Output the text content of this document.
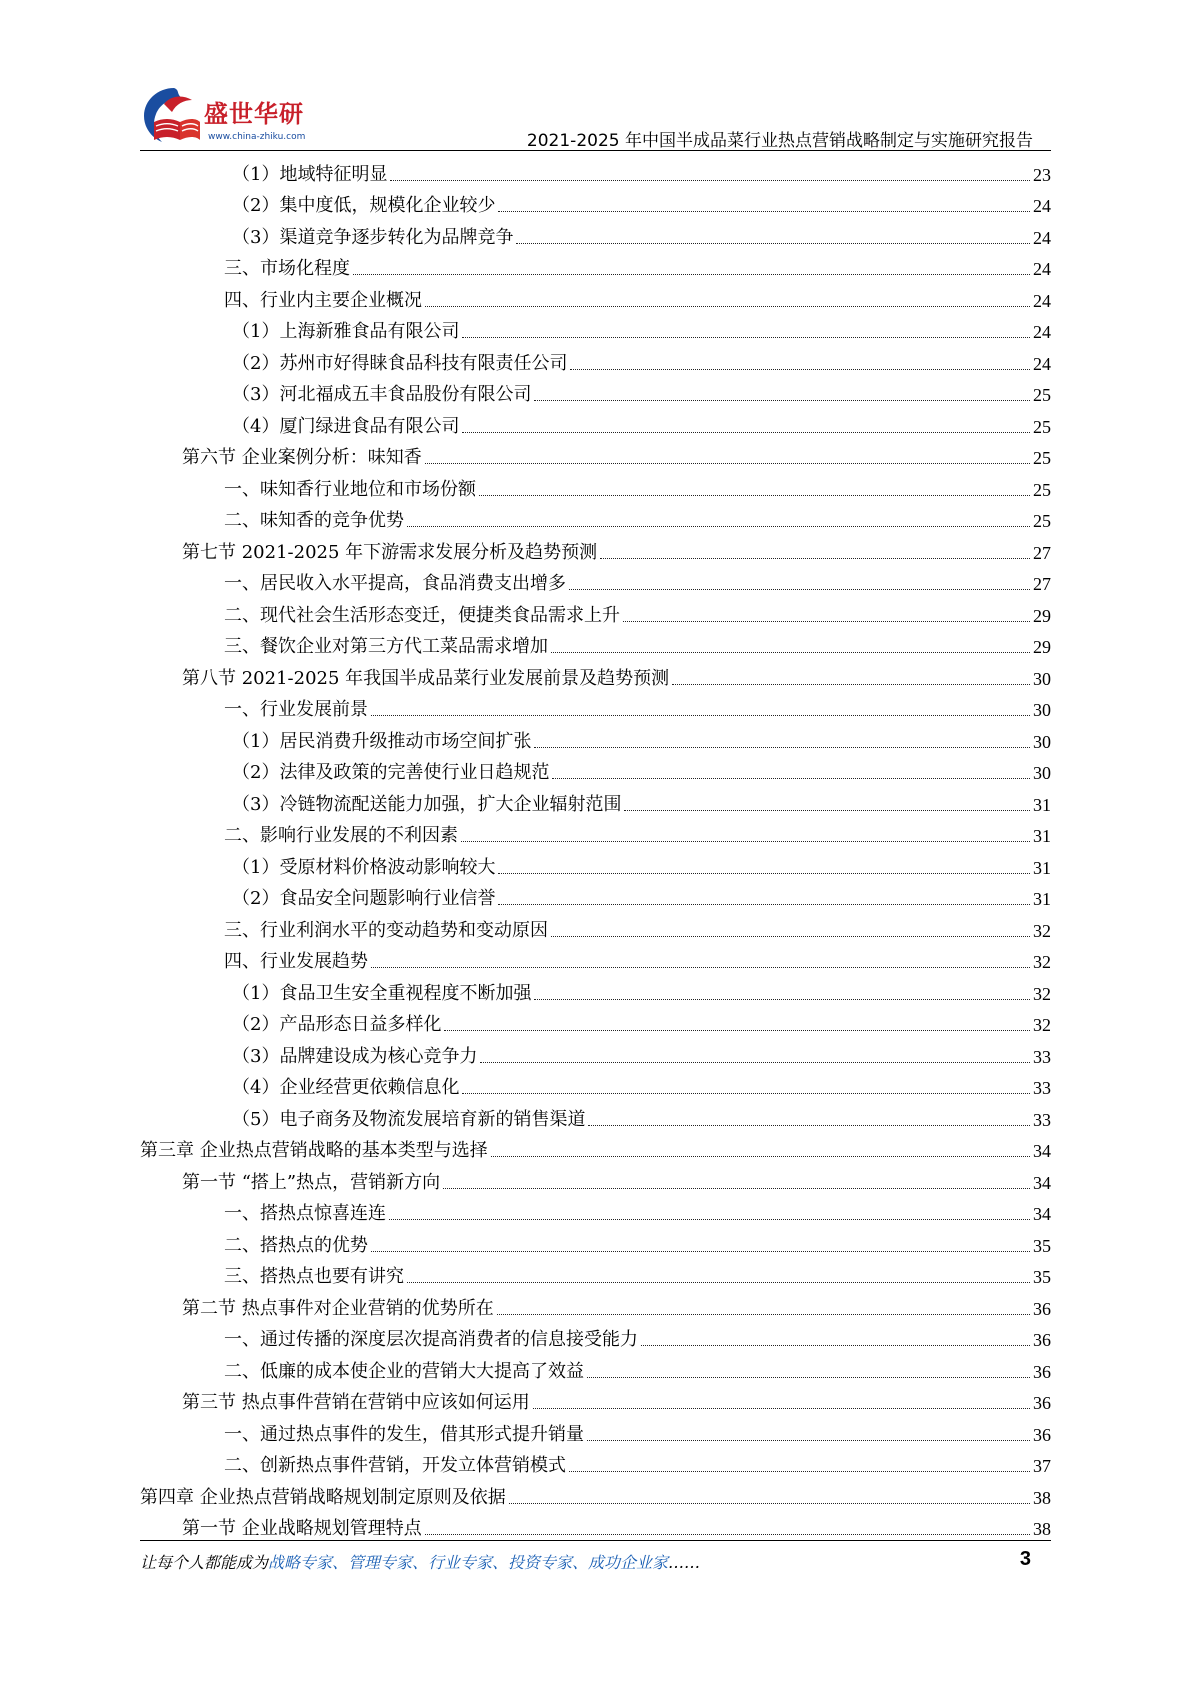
盛世华研
www.china-zhiku.com	2021-2025 年中国半成品菜行业热点营销战略制定与实施研究报告
（1）地域特征明显	23
（2）集中度低，规模化企业较少	24
（3）渠道竞争逐步转化为品牌竞争	24
三、市场化程度	24
四、行业内主要企业概况	24
（1）上海新雅食品有限公司	24
（2）苏州市好得睐食品科技有限责任公司	24
（3）河北福成五丰食品股份有限公司	25
（4）厦门绿进食品有限公司	25
第六节 企业案例分析：味知香	25
一、味知香行业地位和市场份额	25
二、味知香的竞争优势	25
第七节 2021-2025 年下游需求发展分析及趋势预测	27
一、居民收入水平提高，食品消费支出增多	27
二、现代社会生活形态变迁，便捷类食品需求上升	29
三、餐饮企业对第三方代工菜品需求增加	29
第八节 2021-2025 年我国半成品菜行业发展前景及趋势预测	30
一、行业发展前景	30
（1）居民消费升级推动市场空间扩张	30
（2）法律及政策的完善使行业日趋规范	30
（3）冷链物流配送能力加强，扩大企业辐射范围	31
二、影响行业发展的不利因素	31
（1）受原材料价格波动影响较大	31
（2）食品安全问题影响行业信誉	31
三、行业利润水平的变动趋势和变动原因	32
四、行业发展趋势	32
（1）食品卫生安全重视程度不断加强	32
（2）产品形态日益多样化	32
（3）品牌建设成为核心竞争力	33
（4）企业经营更依赖信息化	33
（5）电子商务及物流发展培育新的销售渠道	33
第三章 企业热点营销战略的基本类型与选择	34
第一节 “搭上”热点，营销新方向	34
一、搭热点惊喜连连	34
二、搭热点的优势	35
三、搭热点也要有讲究	35
第二节 热点事件对企业营销的优势所在	36
一、通过传播的深度层次提高消费者的信息接受能力	36
二、低廉的成本使企业的营销大大提高了效益	36
第三节 热点事件营销在营销中应该如何运用	36
一、通过热点事件的发生，借其形式提升销量	36
二、创新热点事件营销，开发立体营销模式	37
第四章 企业热点营销战略规划制定原则及依据	38
第一节 企业战略规划管理特点	38
让每个人都能成为战略专家、管理专家、行业专家、投资专家、成功企业家……	3
